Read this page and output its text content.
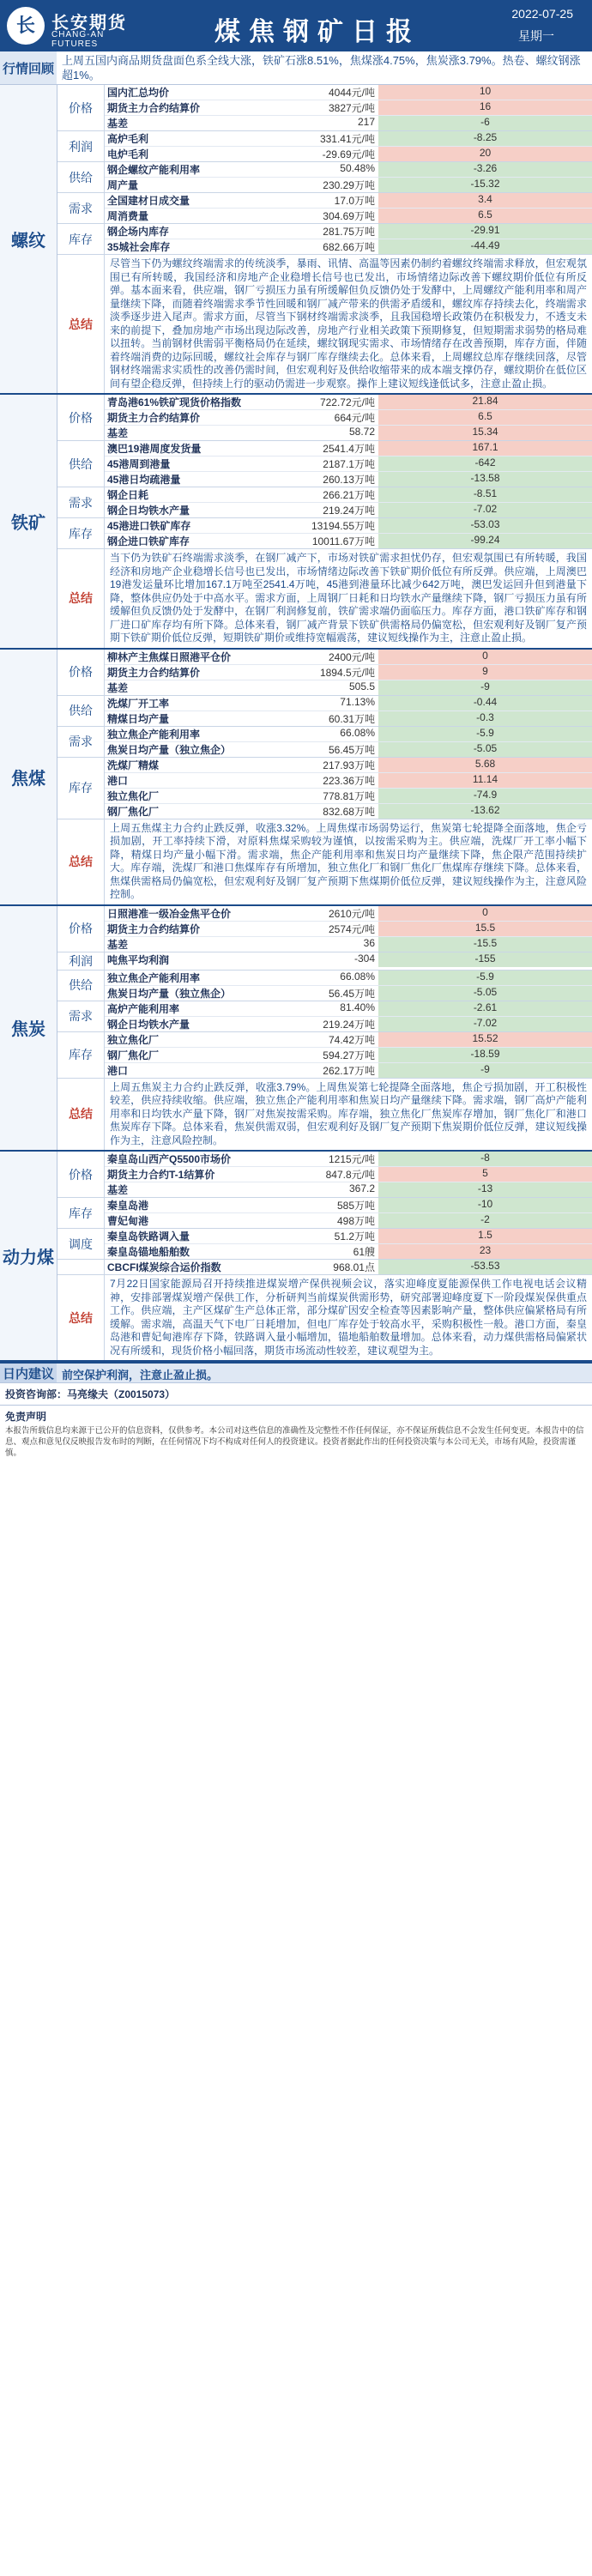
长 长安期货
CHANG-AN FUTURES	煤焦钢矿日报
2022-07-25
星期一
行情回顾
上周五国内商品期货盘面色系全线大涨，铁矿石涨8.51%，焦煤涨4.75%，焦炭涨3.79%。热卷、螺纹钢涨超1%。
螺纹
价格
国内汇总均价	4044元/吨	10
期货主力合约结算价	3827元/吨	16
基差	217	-6
利润
高炉毛利	331.41元/吨	-8.25
电炉毛利	-29.69元/吨	20
供给
钢企螺纹产能利用率	50.48%	-3.26
周产量	230.29万吨	-15.32
需求
全国建材日成交量	17.0万吨	3.4
周消费量	304.69万吨	6.5
库存
钢企场内库存	281.75万吨	-29.91
35城社会库存	682.66万吨	-44.49
总结
尽管当下仍为螺纹终端需求的传统淡季，暴雨、讯情、高温等因素仍制约着螺纹终端需求释放，但宏观氛围已有所转暖，我国经济和房地产企业稳增长信号也已发出，市场情绪边际改善下螺纹期价低位有所反弹。基本面来看，供应端，钢厂亏损压力虽有所缓解但负反馈仍处于发酵中，上周螺纹产能利用率和周产量继续下降，而随着终端需求季节性回暖和钢厂减产带来的供需矛盾缓和，螺纹库存持续去化，终端需求淡季逐步进入尾声。需求方面，尽管当下钢材终端需求淡季，且我国稳增长政策仍在积极发力，不透支未来的前提下，叠加房地产市场出现边际改善，房地产行业相关政策下预期修复，但短期需求弱势的格局难以扭转。当前钢材供需弱平衡格局仍在延续，螺纹钢现实需求、市场情绪存在改善预期，库存方面，伴随着终端消费的边际回暖，螺纹社会库存与钢厂库存继续去化。总体来看，上周螺纹总库存继续回落，尽管钢材终端需求实质性的改善仍需时间，但宏观利好及供给收缩带来的成本端支撑仍存，螺纹期价在低位区间有望企稳反弹，但持续上行的驱动仍需进一步观察。操作上建议短线逢低试多，注意止盈止损。
铁矿
价格
青岛港61%铁矿现货价格指数	722.72元/吨	21.84
期货主力合约结算价	664元/吨	6.5
基差	58.72	15.34
供给
澳巴19港周度发货量	2541.4万吨	167.1
45港周到港量	2187.1万吨	-642
45港日均疏港量	260.13万吨	-13.58
需求
钢企日耗	266.21万吨	-8.51
钢企日均铁水产量	219.24万吨	-7.02
库存
45港进口铁矿库存	13194.55万吨	-53.03
钢企进口铁矿库存	10011.67万吨	-99.24
总结
当下仍为铁矿石终端需求淡季，在钢厂减产下，市场对铁矿需求担忧仍存，但宏观氛围已有所转暖，我国经济和房地产企业稳增长信号也已发出，市场情绪边际改善下铁矿期价低位有所反弹。供应端，上周澳巴19港发运量环比增加167.1万吨至2541.4万吨，45港到港量环比减少642万吨，澳巴发运回升但到港量下降，整体供应仍处于中高水平。需求方面，上周钢厂日耗和日均铁水产量继续下降，钢厂亏损压力虽有所缓解但负反馈仍处于发酵中，在钢厂利润修复前，铁矿需求端仍面临压力。库存方面，港口铁矿库存和钢厂进口矿库存均有所下降。总体来看，钢厂减产背景下铁矿供需格局仍偏宽松，但宏观利好及钢厂复产预期下铁矿期价低位反弹，短期铁矿期价或维持宽幅震荡，建议短线操作为主，注意止盈止损。
焦煤
价格
柳林产主焦煤日照港平仓价	2400元/吨	0
期货主力合约结算价	1894.5元/吨	9
基差	505.5	-9
供给
洗煤厂开工率	71.13%	-0.44
精煤日均产量	60.31万吨	-0.3
需求
独立焦企产能利用率	66.08%	-5.9
焦炭日均产量（独立焦企）	56.45万吨	-5.05
库存
洗煤厂精煤	217.93万吨	5.68
港口	223.36万吨	11.14
独立焦化厂	778.81万吨	-74.9
钢厂焦化厂	832.68万吨	-13.62
总结
上周五焦煤主力合约止跌反弹，收涨3.32%。上周焦煤市场弱势运行，焦炭第七轮提降全面落地，焦企亏损加剧，开工率持续下滑，对原料焦煤采购较为谨慎，以按需采购为主。供应端，洗煤厂开工率小幅下降，精煤日均产量小幅下滑。需求端，焦企产能利用率和焦炭日均产量继续下降，焦企限产范围持续扩大。库存端，洗煤厂和港口焦煤库存有所增加，独立焦化厂和钢厂焦化厂焦煤库存继续下降。总体来看，焦煤供需格局仍偏宽松，但宏观利好及钢厂复产预期下焦煤期价低位反弹，建议短线操作为主，注意风险控制。
焦炭
价格
日照港准一级冶金焦平仓价	2610元/吨	0
期货主力合约结算价	2574元/吨	15.5
基差	36	-15.5
利润	吨焦平均利润	-304	-155
供给
独立焦企产能利用率	66.08%	-5.9
焦炭日均产量（独立焦企）	56.45万吨	-5.05
需求
高炉产能利用率	81.40%	-2.61
钢企日均铁水产量	219.24万吨	-7.02
库存
独立焦化厂	74.42万吨	15.52
钢厂焦化厂	594.27万吨	-18.59
港口	262.17万吨	-9
总结
上周五焦炭主力合约止跌反弹，收涨3.79%。上周焦炭第七轮提降全面落地，焦企亏损加剧，开工积极性较差，供应持续收缩。供应端，独立焦企产能利用率和焦炭日均产量继续下降。需求端，钢厂高炉产能利用率和日均铁水产量下降，钢厂对焦炭按需采购。库存端，独立焦化厂焦炭库存增加，钢厂焦化厂和港口焦炭库存下降。总体来看，焦炭供需双弱，但宏观利好及钢厂复产预期下焦炭期价低位反弹，建议短线操作为主，注意风险控制。
动力煤
价格
秦皇岛山西产Q5500市场价	1215元/吨	-8
期货主力合约T-1结算价	847.8元/吨	5
基差	367.2	-13
库存
秦皇岛港	585万吨	-10
曹妃甸港	498万吨	-2
调度
秦皇岛铁路调入量	51.2万吨	1.5
秦皇岛锚地船舶数	61艘	23
CBCFI煤炭综合运价指数	968.01点	-53.53
总结
7月22日国家能源局召开持续推进煤炭增产保供视频会议，落实迎峰度夏能源保供工作电视电话会议精神，安排部署煤炭增产保供工作，分析研判当前煤炭供需形势，研究部署迎峰度夏下一阶段煤炭保供重点工作。供应端，主产区煤矿生产总体正常，部分煤矿因安全检查等因素影响产量，整体供应偏紧格局有所缓解。需求端，高温天气下电厂日耗增加，但电厂库存处于较高水平，采购积极性一般。港口方面，秦皇岛港和曹妃甸港库存下降，铁路调入量小幅增加，锚地船舶数量增加。总体来看，动力煤供需格局偏紧状况有所缓和，现货价格小幅回落，期货市场流动性较差，建议观望为主。
日内建议 前空保护利润，注意止盈止损。
投资咨询部：马亮缘夫（Z0015073）
免责声明
本报告所载信息均来源于已公开的信息资料，仅供参考。本公司对这些信息的准确性及完整性不作任何保证，亦不保证所载信息不会发生任何变更。本报告中的信息、观点和意见仅反映报告发布时的判断，在任何情况下均不构成对任何人的投资建议。投资者据此作出的任何投资决策与本公司无关，市场有风险，投资需谨慎。
